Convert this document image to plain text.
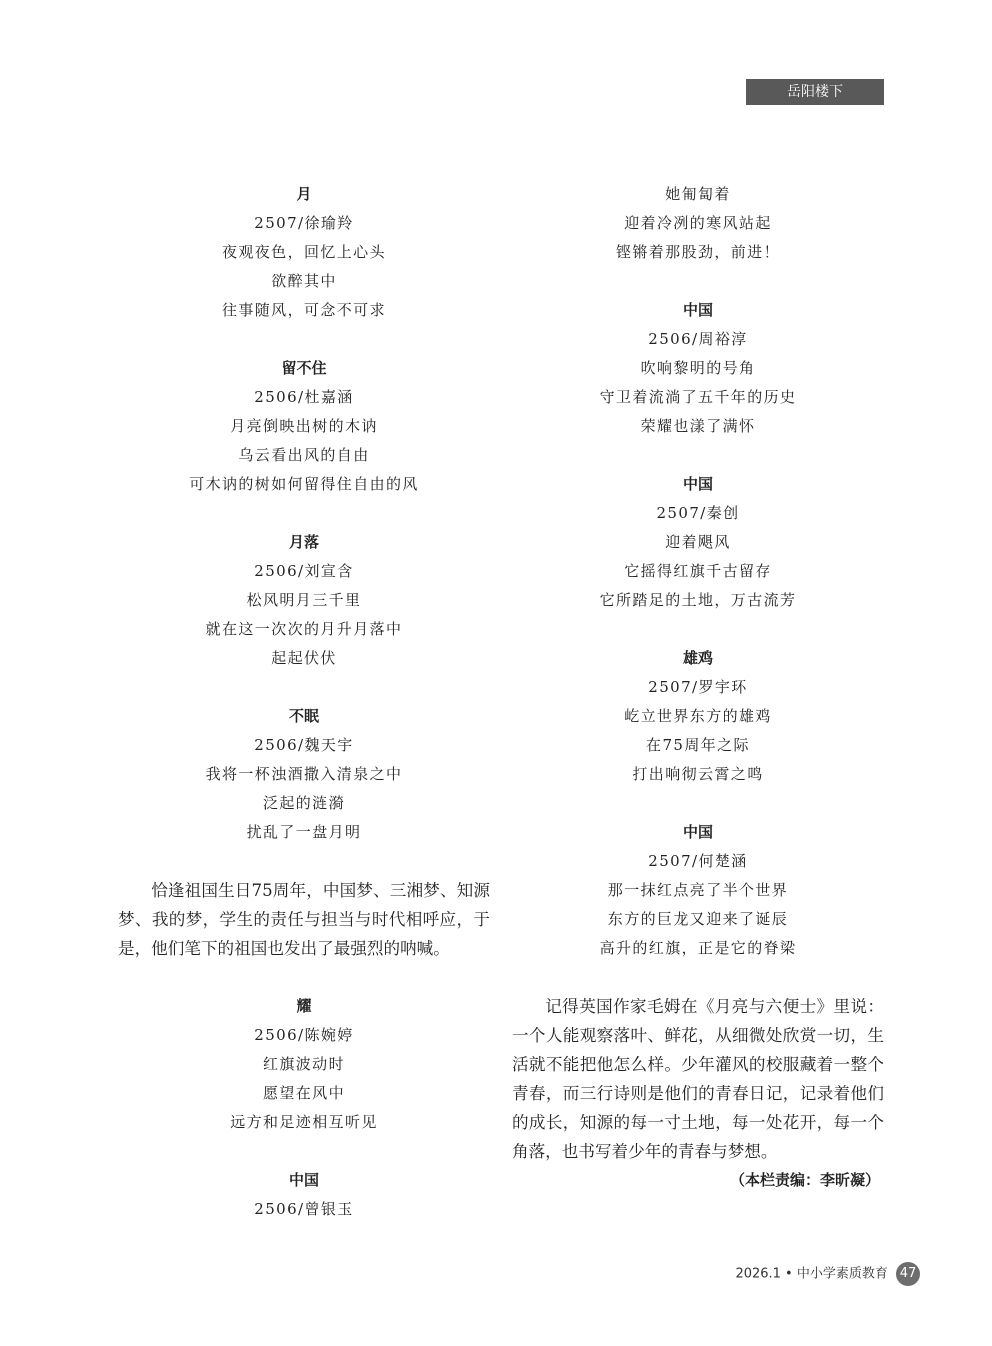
岳阳楼下
月
2507/徐瑜羚
夜观夜色，回忆上心头
欲醉其中
往事随风，可念不可求
留不住
2506/杜嘉涵
月亮倒映出树的木讷
乌云看出风的自由
可木讷的树如何留得住自由的风
月落
2506/刘宣含
松风明月三千里
就在这一次次的月升月落中
起起伏伏
不眠
2506/魏天宇
我将一杯浊酒撒入清泉之中
泛起的涟漪
扰乱了一盘月明

恰逢祖国生日75周年，中国梦、三湘梦、知源梦、我的梦，学生的责任与担当与时代相呼应，于是，他们笔下的祖国也发出了最强烈的呐喊。

耀
2506/陈婉婷
红旗波动时
愿望在风中
远方和足迹相互听见
中国
2506/曾银玉
她匍匐着
迎着冷冽的寒风站起
铿锵着那股劲，前进！
中国
2506/周裕淳
吹响黎明的号角
守卫着流淌了五千年的历史
荣耀也漾了满怀
中国
2507/秦创
迎着飓风
它摇得红旗千古留存
它所踏足的土地，万古流芳
雄鸡
2507/罗宇环
屹立世界东方的雄鸡
在75周年之际
打出响彻云霄之鸣
中国
2507/何楚涵
那一抹红点亮了半个世界
东方的巨龙又迎来了诞辰
高升的红旗，正是它的脊梁

记得英国作家毛姆在《月亮与六便士》里说：一个人能观察落叶、鲜花，从细微处欣赏一切，生活就不能把他怎么样。少年灌风的校服藏着一整个青春，而三行诗则是他们的青春日记，记录着他们的成长，知源的每一寸土地，每一处花开，每一个角落，也书写着少年的青春与梦想。

（本栏责编：李昕凝）
2026.1 • 中小学素质教育 47
